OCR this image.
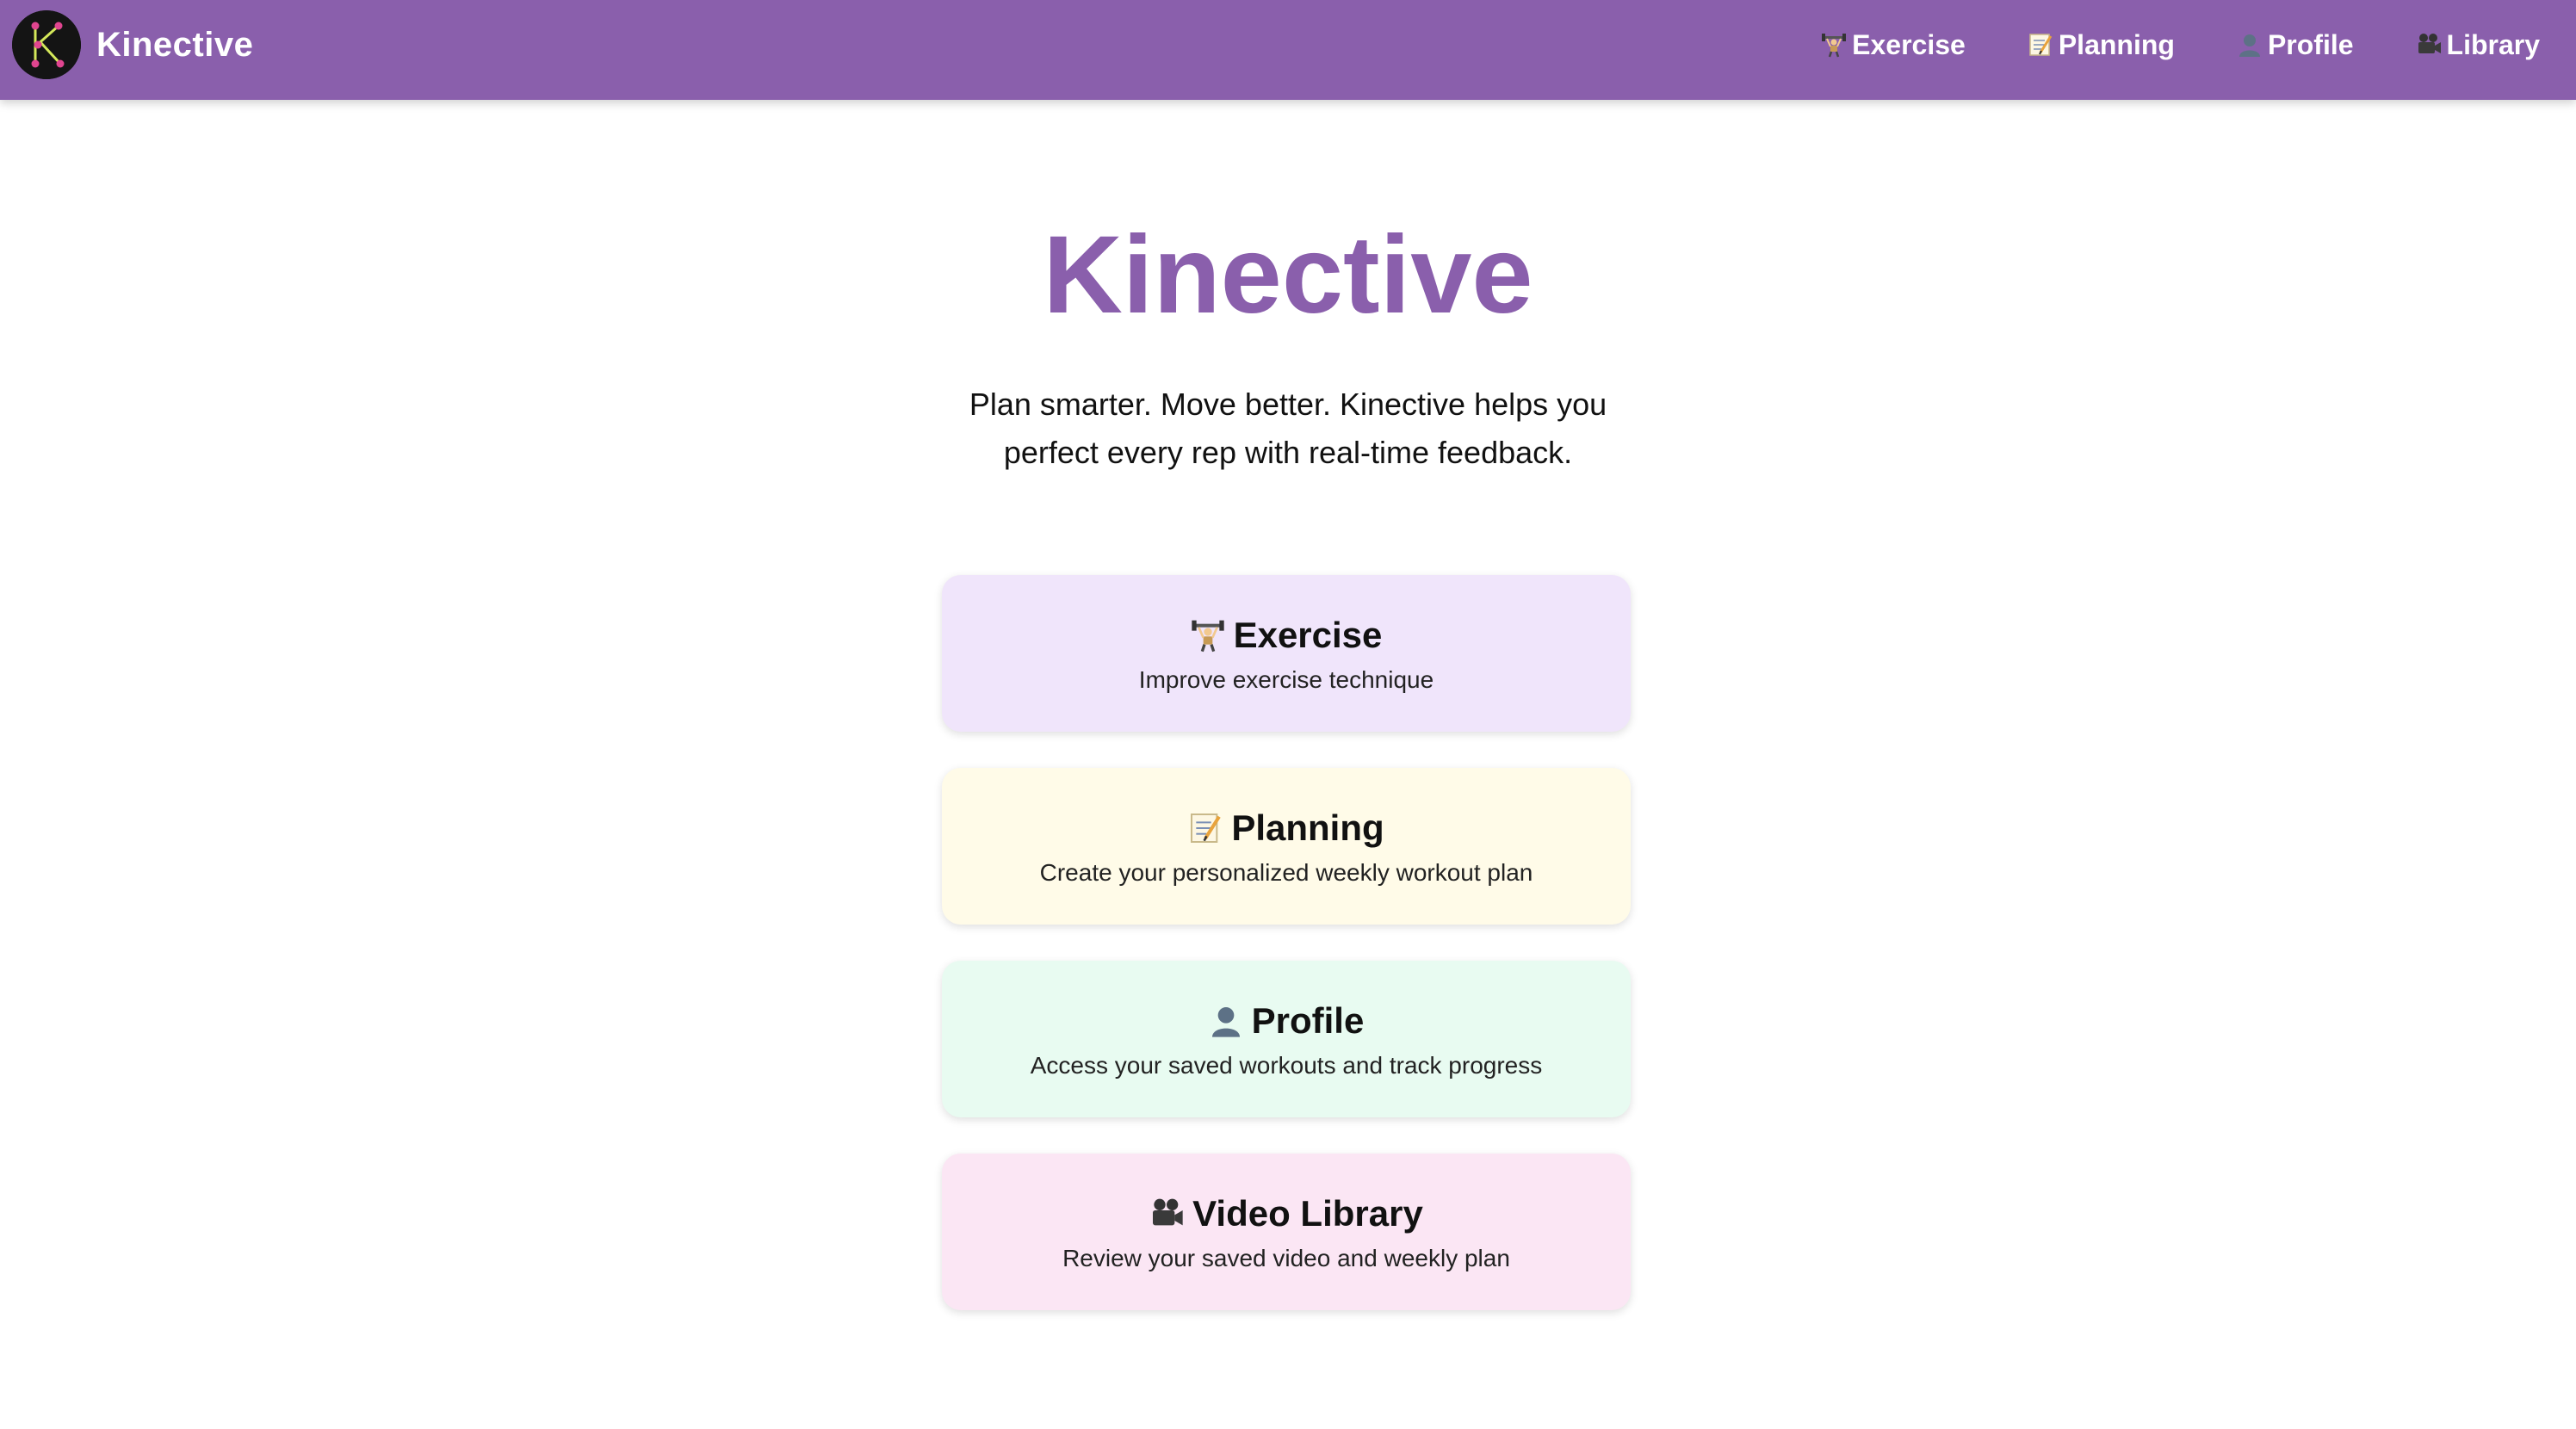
Kinective	Exercise	Planning	Profile	Library
Kinective

Plan smarter. Move better. Kinective helps you perfect every rep with real-time feedback.

Exercise
Improve exercise technique
Planning
Create your personalized weekly workout plan
Profile
Access your saved workouts and track progress
Video Library
Review your saved video and weekly plan
